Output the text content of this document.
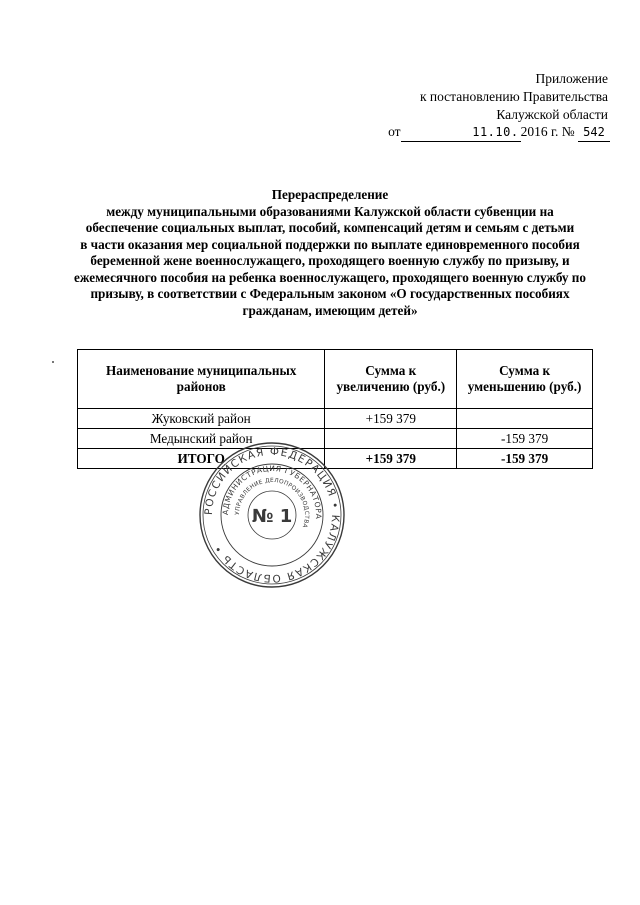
Приложение
к постановлению Правительства
Калужской области
от	11.10. 2016 г. № 542
Перераспределение
между муниципальными образованиями Калужской области субвенции на
обеспечение социальных выплат, пособий, компенсаций детям и семьям с детьми
в части оказания мер социальной поддержки по выплате единовременного пособия
беременной жене военнослужащего, проходящего военную службу по призыву, и
ежемесячного пособия на ребенка военнослужащего, проходящего военную службу по
призыву, в соответствии с Федеральным законом «О государственных пособиях
гражданам, имеющим детей»
Наименование муниципальных районов	Сумма к увеличению (руб.)	Сумма к уменьшению (руб.)
Жуковский район	+159 379	
Медынский район		-159 379
ИТОГО	+159 379	-159 379
РОССИЙСКАЯ ФЕДЕРАЦИЯ • КАЛУЖСКАЯ ОБЛАСТЬ •
АДМИНИСТРАЦИЯ ГУБЕРНАТОРА
УПРАВЛЕНИЕ ДЕЛОПРОИЗВОДСТВА
№ 1
